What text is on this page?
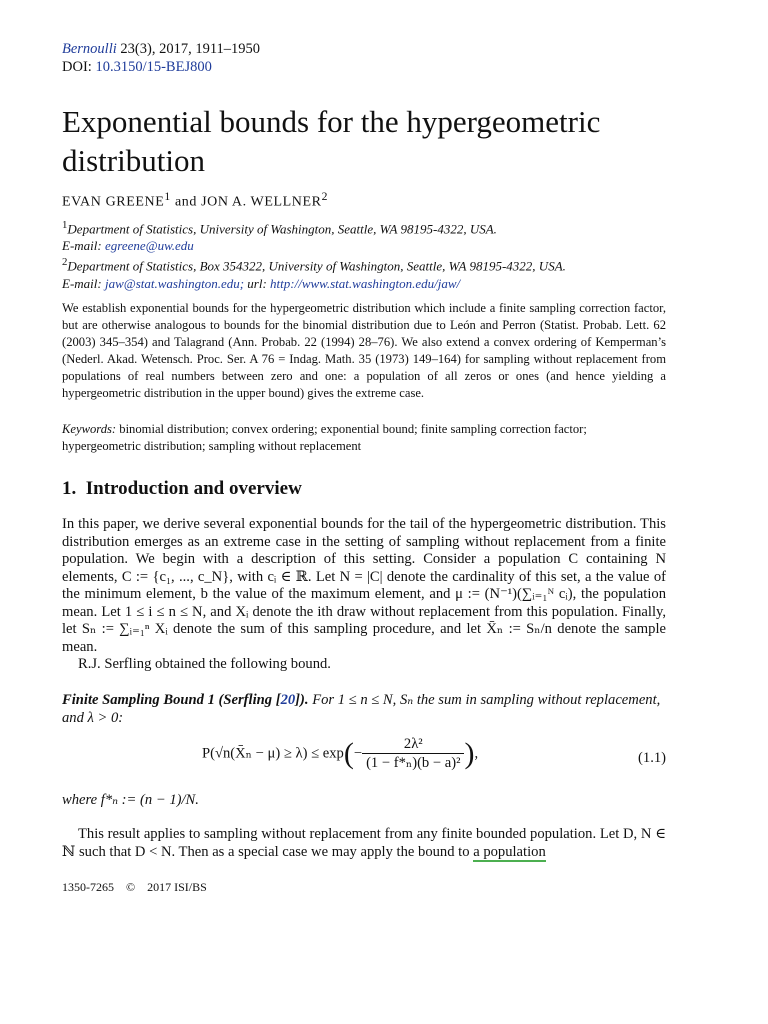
Bernoulli 23(3), 2017, 1911–1950
DOI: 10.3150/15-BEJ800
Exponential bounds for the hypergeometric distribution
EVAN GREENE$^1$ and JON A. WELLNER$^2$
$^1$Department of Statistics, University of Washington, Seattle, WA 98195-4322, USA.
E-mail: egreene@uw.edu
$^2$Department of Statistics, Box 354322, University of Washington, Seattle, WA 98195-4322, USA.
E-mail: jaw@stat.washington.edu; url: http://www.stat.washington.edu/jaw/
We establish exponential bounds for the hypergeometric distribution which include a finite sampling correction factor, but are otherwise analogous to bounds for the binomial distribution due to León and Perron (Statist. Probab. Lett. 62 (2003) 345–354) and Talagrand (Ann. Probab. 22 (1994) 28–76). We also extend a convex ordering of Kemperman’s (Nederl. Akad. Wetensch. Proc. Ser. A 76 = Indag. Math. 35 (1973) 149–164) for sampling without replacement from populations of real numbers between zero and one: a population of all zeros or ones (and hence yielding a hypergeometric distribution in the upper bound) gives the extreme case.
Keywords: binomial distribution; convex ordering; exponential bound; finite sampling correction factor; hypergeometric distribution; sampling without replacement
1. Introduction and overview

In this paper, we derive several exponential bounds for the tail of the hypergeometric distribution. This distribution emerges as an extreme case in the setting of sampling without replacement from a finite population. We begin with a description of this setting. Consider a population C containing N elements, C := {c₁, ..., c_N}, with cᵢ ∈ ℝ. Let N = |C| denote the cardinality of this set, a the value of the minimum element, b the value of the maximum element, and μ := (N⁻¹)(∑ᵢ₌₁ᴺ cᵢ), the population mean. Let 1 ≤ i ≤ n ≤ N, and Xᵢ denote the ith draw without replacement from this population. Finally, let Sₙ := ∑ᵢ₌₁ⁿ Xᵢ denote the sum of this sampling procedure, and let X̄ₙ := Sₙ/n denote the sample mean.

R.J. Serfling obtained the following bound.

Finite Sampling Bound 1 (Serfling [20]). For 1 ≤ n ≤ N, Sₙ the sum in sampling without replacement, and λ > 0:
P(√n(X̄ₙ − $\mu) \ge \lambda) \le \exp(- \frac{\text{2λ²}}{\text{(1 − f*ₙ)(b − a)²}}$ ),	(1.1)
where f*ₙ := (n − 1)/N.

This result applies to sampling without replacement from any finite bounded population. Let D, N ∈ ℕ such that D < N. Then as a special case we may apply the bound to a population

1350-7265 © 2017 ISI/BS
